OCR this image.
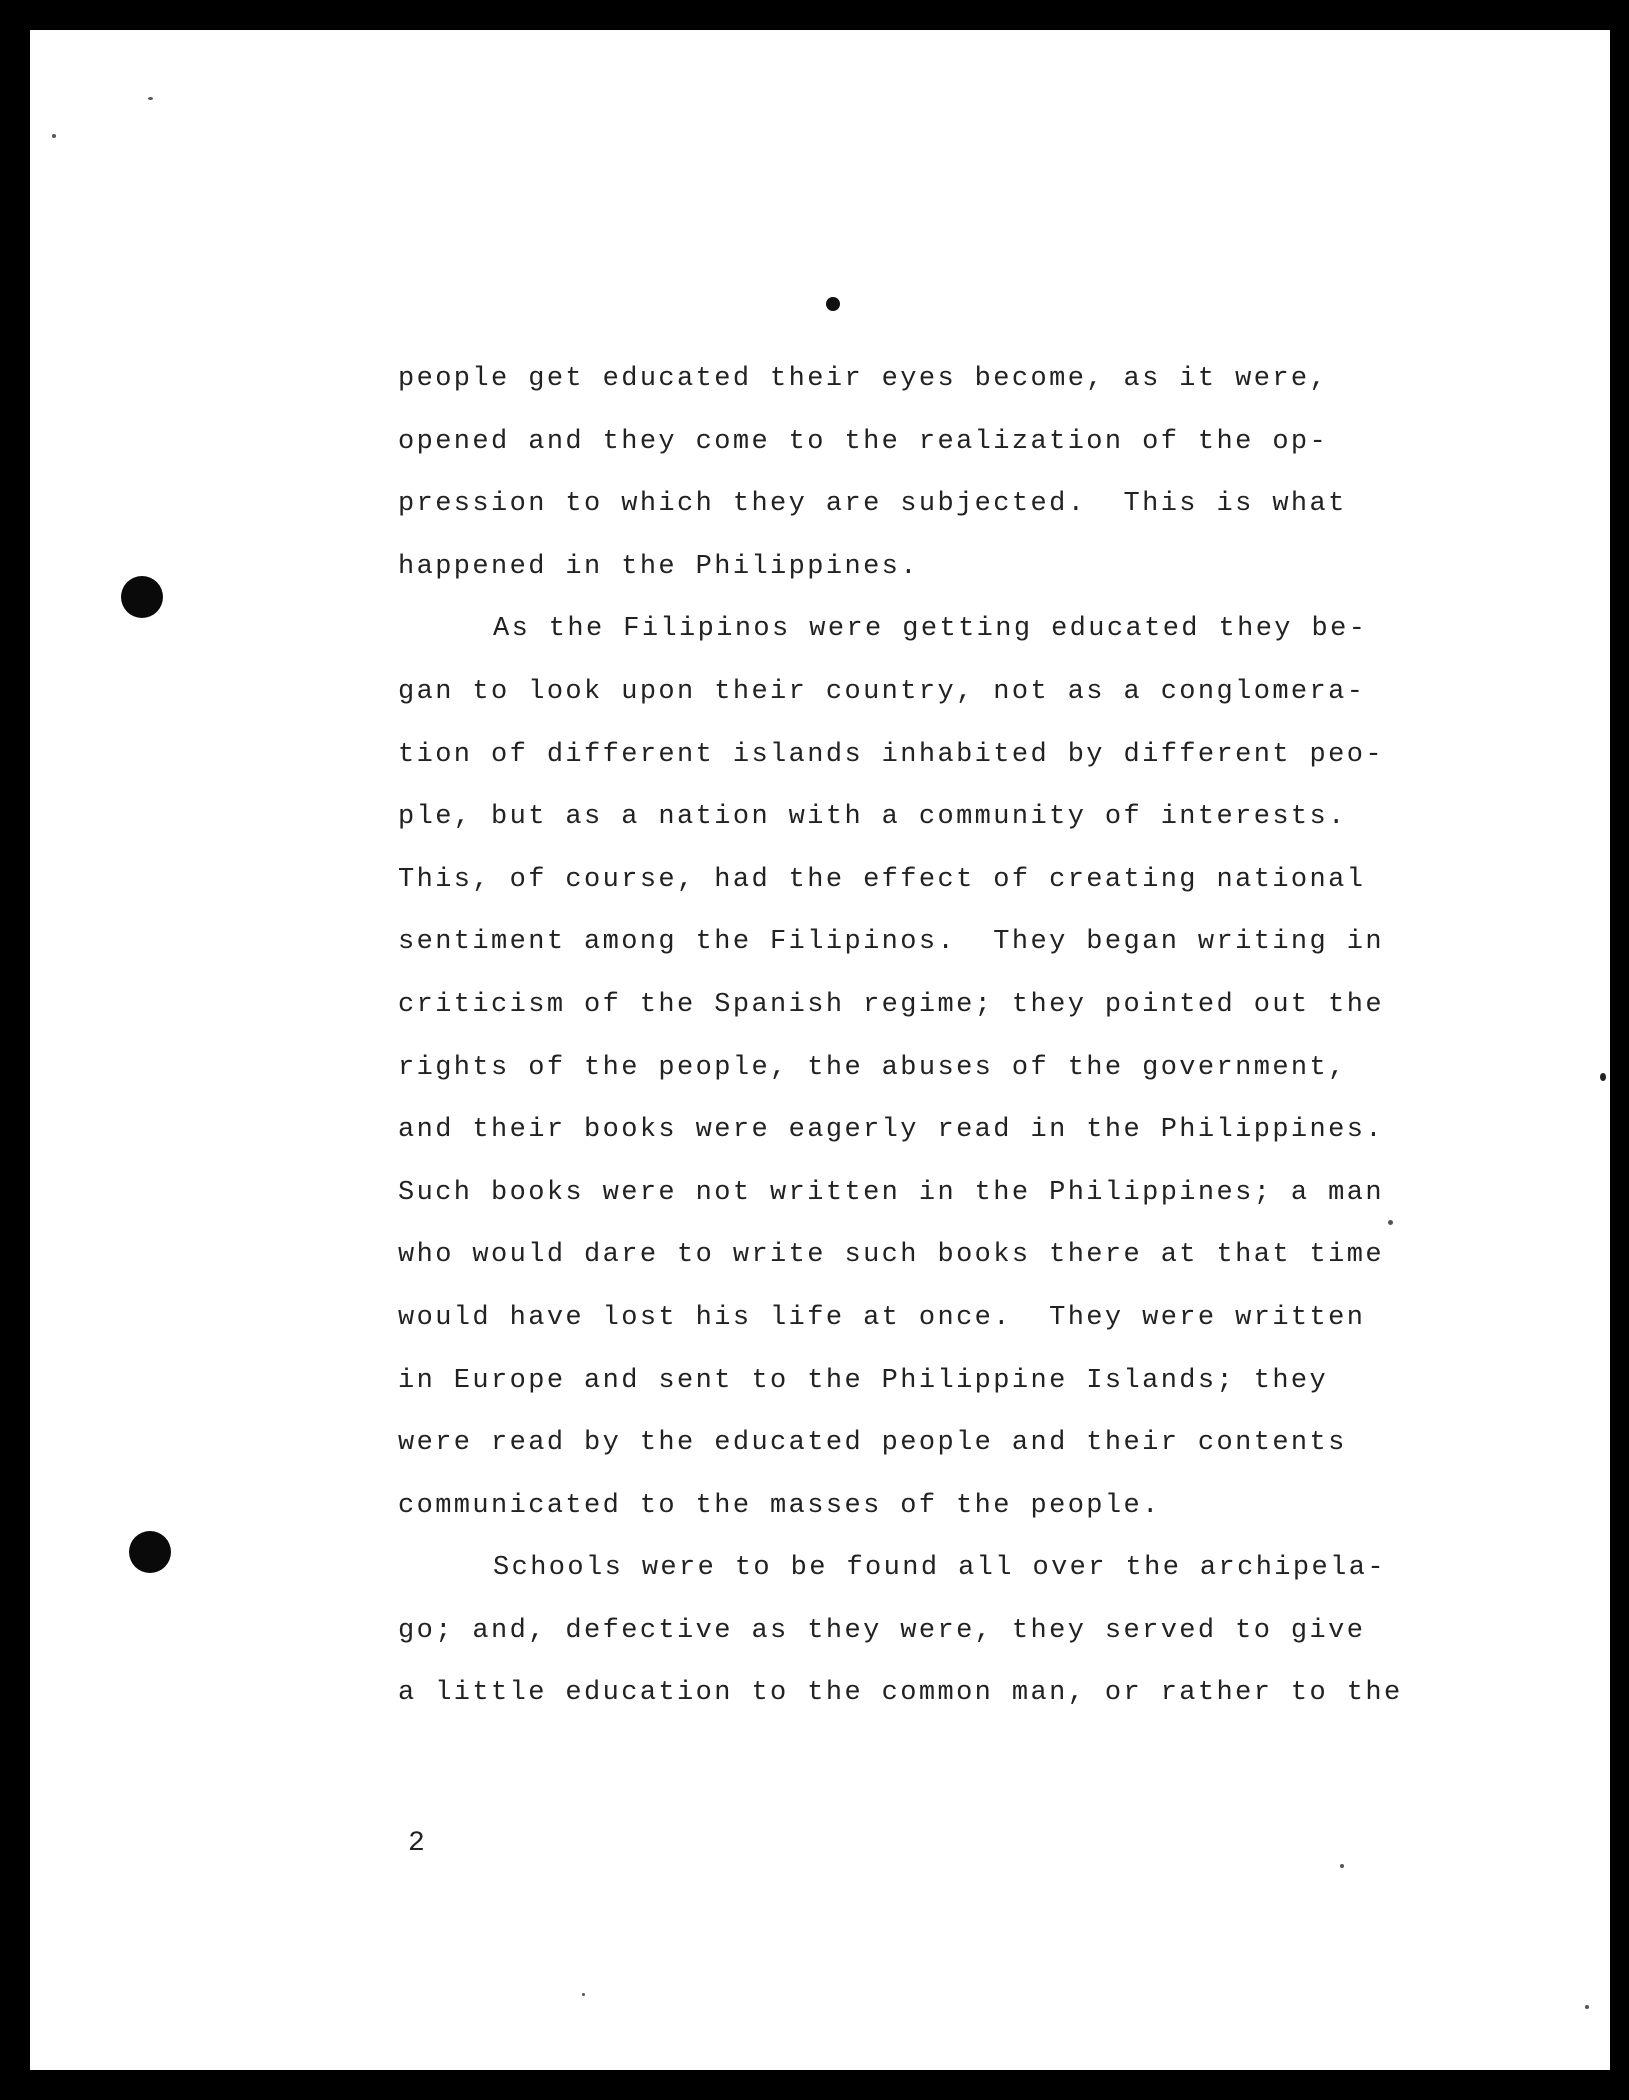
people get educated their eyes become, as it were,
opened and they come to the realization of the op-
pression to which they are subjected.  This is what
happened in the Philippines.
As the Filipinos were getting educated they be-
gan to look upon their country, not as a conglomera-
tion of different islands inhabited by different peo-
ple, but as a nation with a community of interests.
This, of course, had the effect of creating national
sentiment among the Filipinos.  They began writing in
criticism of the Spanish regime; they pointed out the
rights of the people, the abuses of the government,
and their books were eagerly read in the Philippines.
Such books were not written in the Philippines; a man
who would dare to write such books there at that time
would have lost his life at once.  They were written
in Europe and sent to the Philippine Islands; they
were read by the educated people and their contents
communicated to the masses of the people.
Schools were to be found all over the archipela-
go; and, defective as they were, they served to give
a little education to the common man, or rather to the
2
